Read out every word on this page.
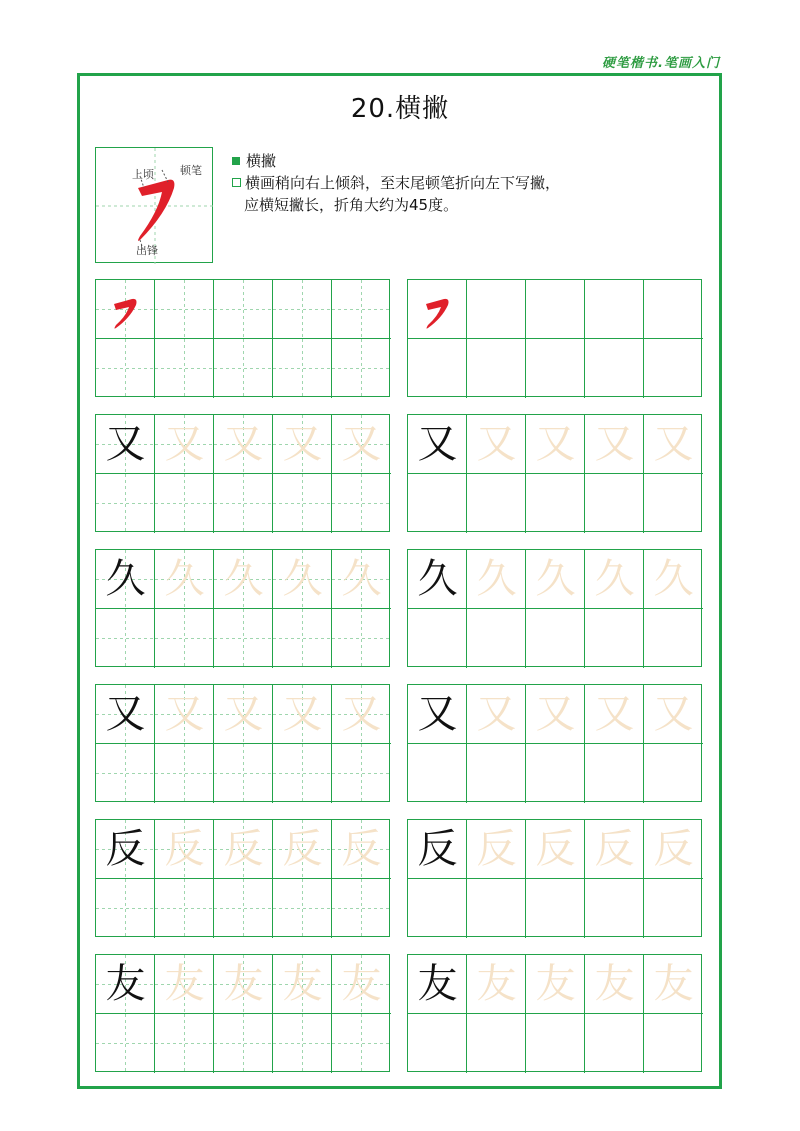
硬笔楷书.笔画入门
20.横撇
上顷 顿笔
出锋
横撇
横画稍向右上倾斜，至末尾顿笔折向左下写撇，
应横短撇长，折角大约为45度。
又 又 又 又 又 又 又 又 又 又
久 久 久 久 久 久 久 久 久 久
又 又 又 又 又 又 又 又 又 又
反 反 反 反 反 反 反 反 反 反
友 友 友 友 友 友 友 友 友 友
